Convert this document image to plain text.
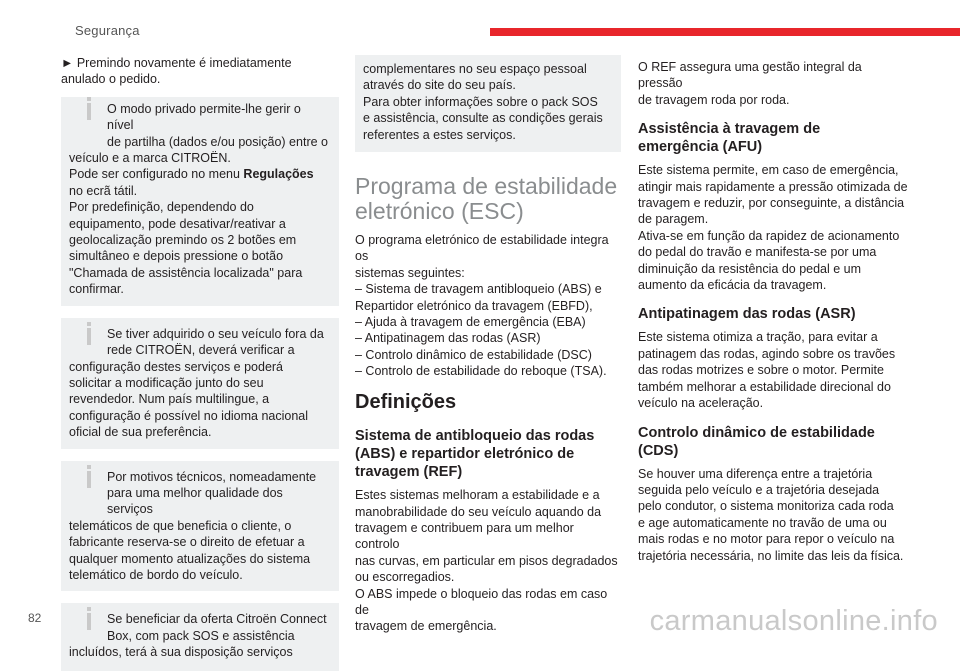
Segurança

► Premindo novamente é imediatamente anulado o pedido.

O modo privado permite-lhe gerir o nível
de partilha (dados e/ou posição) entre o
veículo e a marca CITROËN.
Pode ser configurado no menu Regulações
no ecrã tátil.
Por predefinição, dependendo do
equipamento, pode desativar/reativar a
geolocalização premindo os 2 botões em
simultâneo e depois pressione o botão
"Chamada de assistência localizada" para
confirmar.
Se tiver adquirido o seu veículo fora da
rede CITROËN, deverá verificar a
configuração destes serviços e poderá
solicitar a modificação junto do seu
revendedor. Num país multilingue, a
configuração é possível no idioma nacional
oficial de sua preferência.
Por motivos técnicos, nomeadamente
para uma melhor qualidade dos serviços
telemáticos de que beneficia o cliente, o
fabricante reserva-se o direito de efetuar a
qualquer momento atualizações do sistema
telemático de bordo do veículo.
Se beneficiar da oferta Citroën Connect
Box, com pack SOS e assistência
incluídos, terá à sua disposição serviços
complementares no seu espaço pessoal
através do site do seu país.
Para obter informações sobre o pack SOS
e assistência, consulte as condições gerais
referentes a estes serviços.
Programa de estabilidade
eletrónico (ESC)
O programa eletrónico de estabilidade integra os
sistemas seguintes:
– Sistema de travagem antibloqueio (ABS) e
Repartidor eletrónico da travagem (EBFD),
– Ajuda à travagem de emergência (EBA)
– Antipatinagem das rodas (ASR)
– Controlo dinâmico de estabilidade (DSC)
– Controlo de estabilidade do reboque (TSA).
Definições
Sistema de antibloqueio das rodas
(ABS) e repartidor eletrónico de
travagem (REF)
Estes sistemas melhoram a estabilidade e a
manobrabilidade do seu veículo aquando da
travagem e contribuem para um melhor controlo
nas curvas, em particular em pisos degradados
ou escorregadios.
O ABS impede o bloqueio das rodas em caso de
travagem de emergência.
O REF assegura uma gestão integral da pressão
de travagem roda por roda.
Assistência à travagem de
emergência (AFU)
Este sistema permite, em caso de emergência,
atingir mais rapidamente a pressão otimizada de
travagem e reduzir, por conseguinte, a distância
de paragem.
Ativa-se em função da rapidez de acionamento
do pedal do travão e manifesta-se por uma
diminuição da resistência do pedal e um
aumento da eficácia da travagem.
Antipatinagem das rodas (ASR)
Este sistema otimiza a tração, para evitar a
patinagem das rodas, agindo sobre os travões
das rodas motrizes e sobre o motor. Permite
também melhorar a estabilidade direcional do
veículo na aceleração.
Controlo dinâmico de estabilidade
(CDS)
Se houver uma diferença entre a trajetória
seguida pelo veículo e a trajetória desejada
pelo condutor, o sistema monitoriza cada roda
e age automaticamente no travão de uma ou
mais rodas e no motor para repor o veículo na
trajetória necessária, no limite das leis da física.
82	carmanualsonline.info
